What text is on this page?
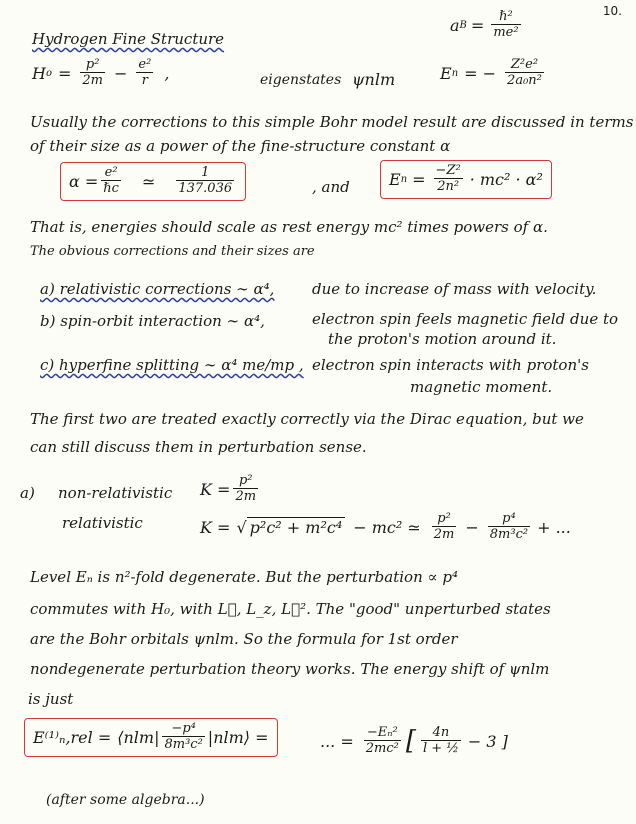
10.
Hydrogen Fine Structure
a $B = \frac{\text{ℏ²}}{\text{me²}}$
H $o = \frac{\text{p²}}{2m} - \frac{\text{e²}}{r}$ ,	eigenstates ψnlm	E n = − $\frac{\text{Z²e²}}{\text{2a₀n²}}$
Usually the corrections to this simple Bohr model result are discussed in terms
of their size as a power of the fine-structure constant α
$\alpha = \frac{\text{e²}}{\text{ℏc}}$ ≃ $\frac{1}{137.036}$	, and E $n = \frac{\text{−Z²}}{\text{2n²}} \cdot mc^2 \cdot \alpha^2$
That is, energies should scale as rest energy mc² times powers of α.
The obvious corrections and their sizes are
a) relativistic corrections ∼ α⁴,	due to increase of mass with velocity.
b) spin-orbit interaction ∼ α⁴,	electron spin feels magnetic field due to
the proton's motion around it.
c) hyperfine splitting ∼ α⁴ me/mp , electron spin interacts with proton's
magnetic moment.
The first two are treated exactly correctly via the Dirac equation, but we
can still discuss them in perturbation sense.
a) non-relativistic $K = \frac{\text{p²}}{2m}$
relativistic	K = √ p²c² + m²c⁴ − mc² ≃ $\frac{\text{p²}}{2m} - \frac{\text{p⁴}}{\text{8m³c²}}$ + ...
Level Eₙ is n²-fold degenerate. But the perturbation ∝ p⁴
commutes with H₀, with L⃗, L_z, L⃗². The "good" unperturbed states
are the Bohr orbitals ψnlm. So the formula for 1st order
nondegenerate perturbation theory works. The energy shift of ψnlm
is just
E⁽¹⁾ₙ,rel = ⟨nlm| $\frac{\text{−p⁴}}{\text{8m³c²}}$ |nlm⟩ =	... = $\frac{\text{−Eₙ²}}{\text{2mc²}}$ [ $\frac{4n}{\text{l + ½}} - 3$ ]
(after some algebra...)
